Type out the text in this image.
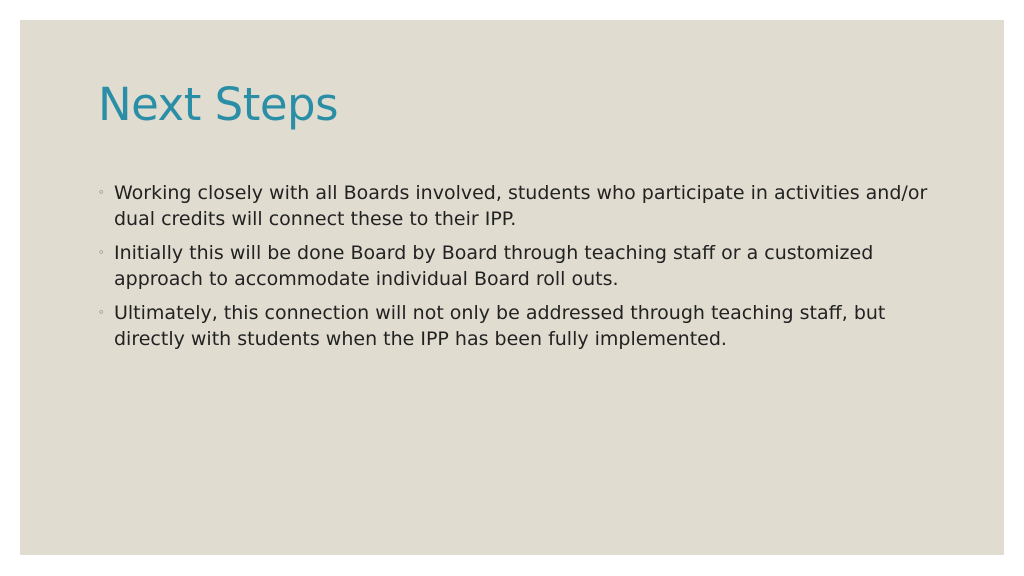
Next Steps
◦ Working closely with all Boards involved, students who participate in activities and/or dual credits will connect these to their IPP.
◦ Initially this will be done Board by Board through teaching staff or a customized approach to accommodate individual Board roll outs.
◦ Ultimately, this connection will not only be addressed through teaching staff, but directly with students when the IPP has been fully implemented.
